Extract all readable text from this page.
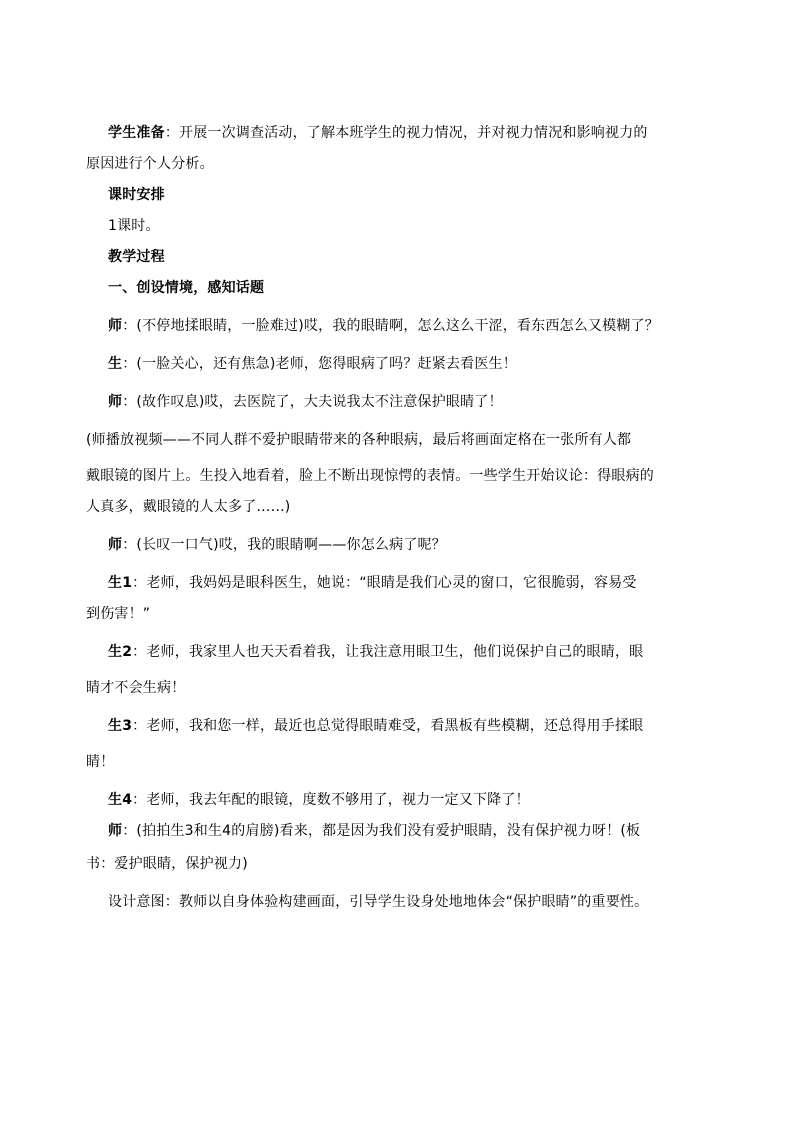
学生准备：开展一次调查活动，了解本班学生的视力情况，并对视力情况和影响视力的
原因进行个人分析。

课时安排

1课时。

教学过程

一、创设情境，感知话题

师：(不停地揉眼睛，一脸难过)哎，我的眼睛啊，怎么这么干涩，看东西怎么又模糊了？

生：(一脸关心，还有焦急)老师，您得眼病了吗？赶紧去看医生！

师：(故作叹息)哎，去医院了，大夫说我太不注意保护眼睛了！

(师播放视频——不同人群不爱护眼睛带来的各种眼病，最后将画面定格在一张所有人都
戴眼镜的图片上。生投入地看着，脸上不断出现惊愕的表情。一些学生开始议论：得眼病的
人真多，戴眼镜的人太多了……)

师：(长叹一口气)哎，我的眼睛啊——你怎么病了呢？

生1：老师，我妈妈是眼科医生，她说：“眼睛是我们心灵的窗口，它很脆弱，容易受
到伤害！”

生2：老师，我家里人也天天看着我，让我注意用眼卫生，他们说保护自己的眼睛，眼
睛才不会生病！

生3：老师，我和您一样，最近也总觉得眼睛难受，看黑板有些模糊，还总得用手揉眼
睛！

生4：老师，我去年配的眼镜，度数不够用了，视力一定又下降了！

师：(拍拍生3和生4的肩膀)看来，都是因为我们没有爱护眼睛，没有保护视力呀！(板
书：爱护眼睛，保护视力)

设计意图：教师以自身体验构建画面，引导学生设身处地地体会“保护眼睛”的重要性。
